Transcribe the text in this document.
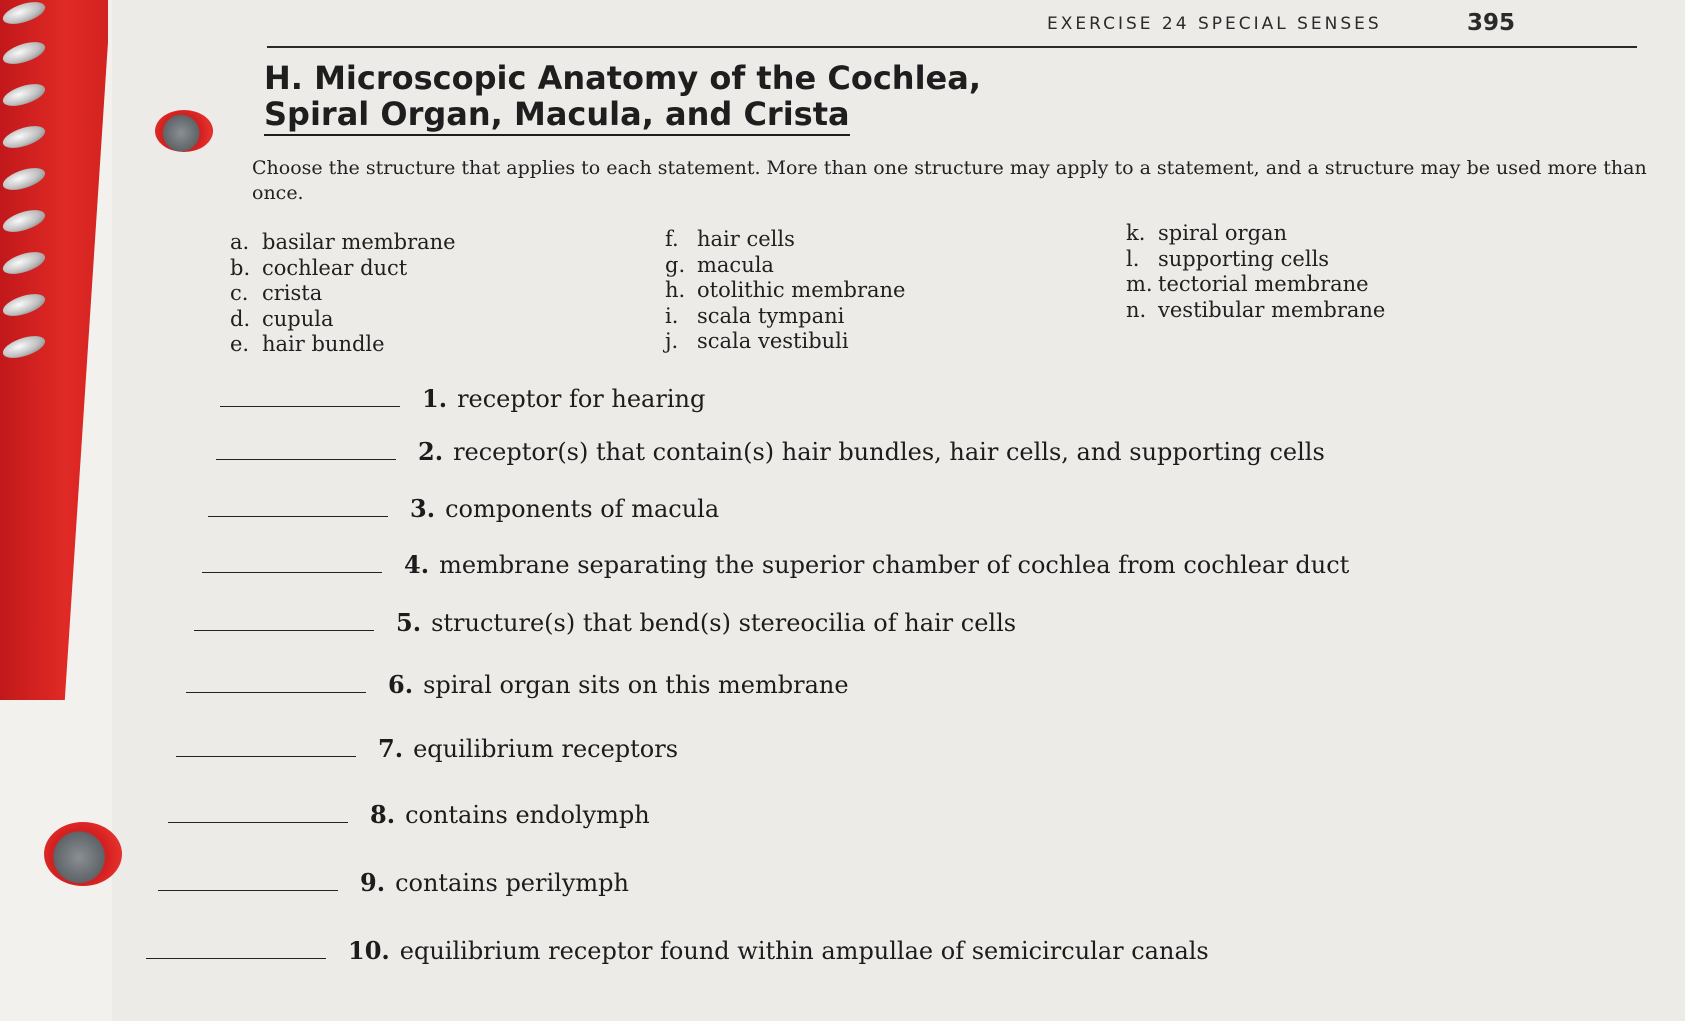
EXERCISE 24 SPECIAL SENSES	395
H. Microscopic Anatomy of the Cochlea,
Spiral Organ, Macula, and Crista
Choose the structure that applies to each statement. More than one structure may apply to a statement, and a structure may be used more than once.
a. basilar membrane
b. cochlear duct
c. crista
d. cupula
e. hair bundle
f. hair cells
g. macula
h. otolithic membrane
i. scala tympani
j. scala vestibuli
k. spiral organ
l. supporting cells
m. tectorial membrane
n. vestibular membrane
1. receptor for hearing
2. receptor(s) that contain(s) hair bundles, hair cells, and supporting cells
3. components of macula
4. membrane separating the superior chamber of cochlea from cochlear duct
5. structure(s) that bend(s) stereocilia of hair cells
6. spiral organ sits on this membrane
7. equilibrium receptors
8. contains endolymph
9. contains perilymph
10. equilibrium receptor found within ampullae of semicircular canals
